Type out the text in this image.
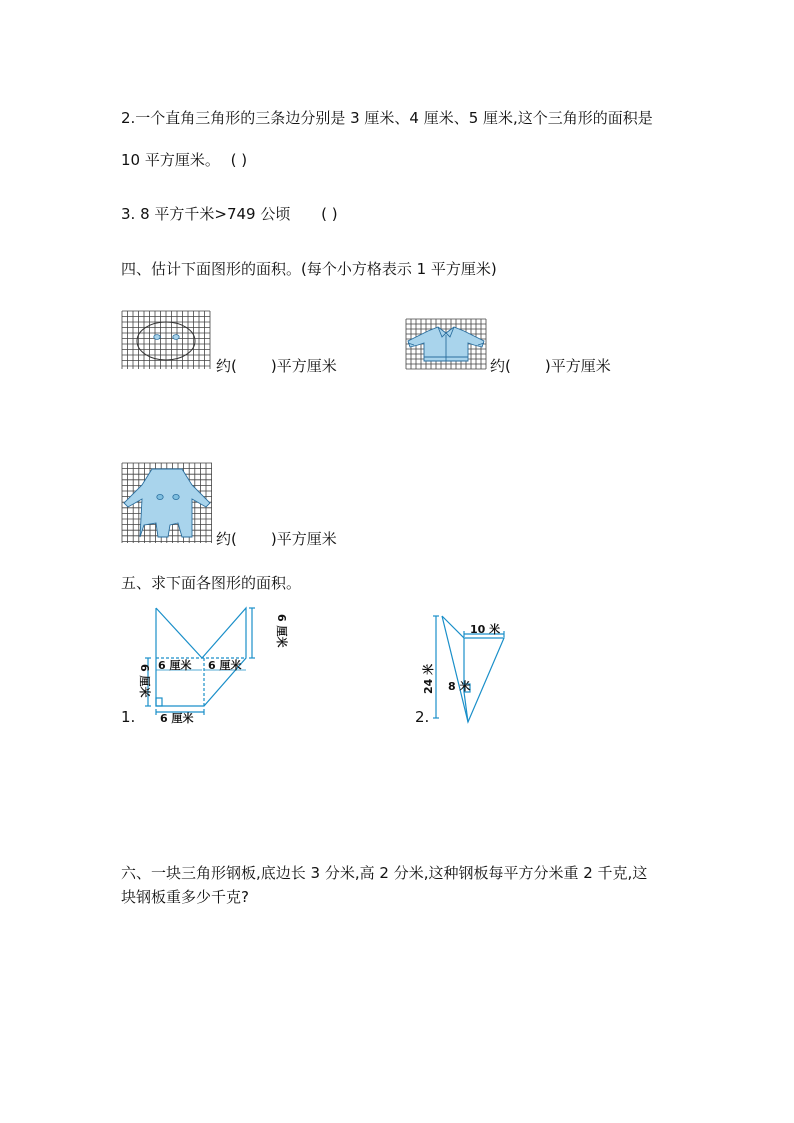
2.一个直角三角形的三条边分别是 3 厘米、4 厘米、5 厘米,这个三角形的面积是
10 平方厘米。 ( )
3. 8 平方千米>749 公顷 ( )
四、估计下面图形的面积。(每个小方格表示 1 平方厘米)
约( )平方厘米	约( )平方厘米
约( )平方厘米
五、求下面各图形的面积。
6 厘米 6 厘米 6 厘米
6 厘米
6 厘米
1.
10 米
24 米 8 米
2.
六、一块三角形钢板,底边长 3 分米,高 2 分米,这种钢板每平方分米重 2 千克,这
块钢板重多少千克?
